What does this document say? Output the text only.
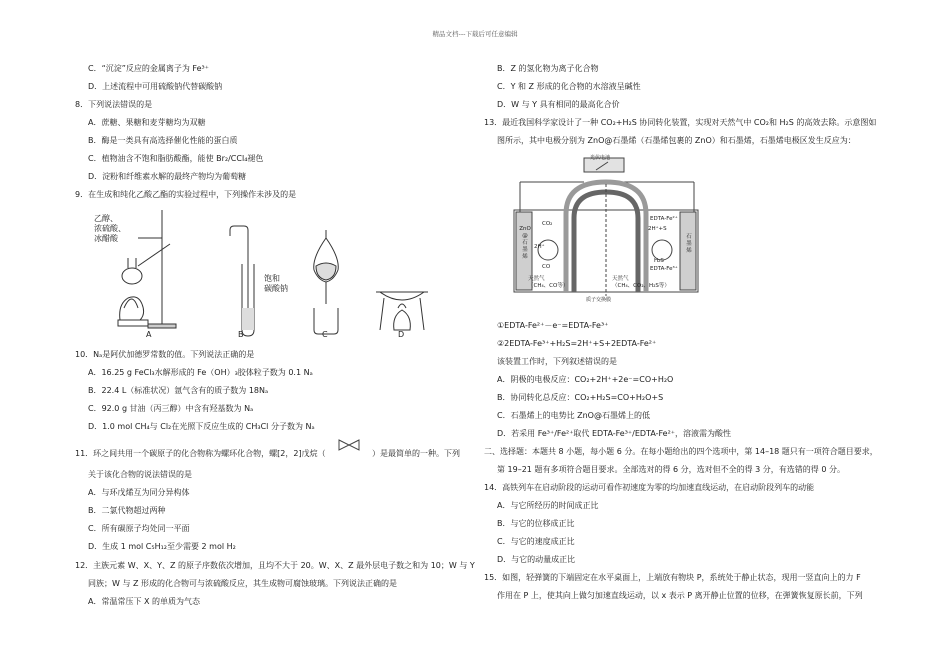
精品文档---下载后可任意编辑
C．“沉淀”反应的金属离子为 Fe³⁺
D．上述流程中可用硫酸钠代替碳酸钠
8．下列说法错误的是
A．蔗糖、果糖和麦芽糖均为双糖
B．酶是一类具有高选择催化性能的蛋白质
C．植物油含不饱和脂肪酸酯，能使 Br₂/CCl₄褪色
D．淀粉和纤维素水解的最终产物均为葡萄糖
9．在生成和纯化乙酸乙酯的实验过程中，下列操作未涉及的是
乙醇、
浓硫酸、
冰醋酸
饱和
碳酸钠
A	B	C	D
10．Nₐ是阿伏加德罗常数的值。下列说法正确的是
A．16.25 g FeCl₃水解形成的 Fe（OH）₃胶体粒子数为 0.1 Nₐ
B．22.4 L（标准状况）氩气含有的质子数为 18Nₐ
C．92.0 g 甘油（丙三醇）中含有羟基数为 Nₐ
D．1.0 mol CH₄与 Cl₂在光照下反应生成的 CH₃Cl 分子数为 Nₐ
11．环之间共用一个碳原子的化合物称为螺环化合物，螺[2，2]戊烷（	）是最简单的一种。下列
关于该化合物的说法错误的是
A．与环戊烯互为同分异构体
B．二氯代物超过两种
C．所有碳原子均处同一平面
D．生成 1 mol C₅H₁₂至少需要 2 mol H₂
12．主族元素 W、X、Y、Z 的原子序数依次增加，且均不大于 20。W、X、Z 最外层电子数之和为 10；W 与 Y
同族；W 与 Z 形成的化合物可与浓硫酸反应，其生成物可腐蚀玻璃。下列说法正确的是
A．常温常压下 X 的单质为气态
B．Z 的氢化物为离子化合物
C．Y 和 Z 形成的化合物的水溶液呈碱性
D．W 与 Y 具有相同的最高化合价
13．最近我国科学家设计了一种 CO₂+H₂S 协同转化装置，实现对天然气中 CO₂和 H₂S 的高效去除。示意图如
图所示，其中电极分别为 ZnO@石墨烯（石墨烯包裹的 ZnO）和石墨烯，石墨烯电极区发生反应为：
光伏电池
ZnO
@
石
墨
烯
石
墨
烯
CO₂
2H⁺
CO
EDTA-Fe²⁺
2H⁺+S
EDTA-Fe³⁺
H₂S
质子交换膜
天然气
（CH₄、CO等）
天然气
（CH₄、CO₂、H₂S等）
①EDTA-Fe²⁺－e⁻=EDTA-Fe³⁺
②2EDTA-Fe³⁺+H₂S=2H⁺+S+2EDTA-Fe²⁺
该装置工作时，下列叙述错误的是
A．阴极的电极反应：CO₂+2H⁺+2e⁻=CO+H₂O
B．协同转化总反应：CO₂+H₂S=CO+H₂O+S
C．石墨烯上的电势比 ZnO@石墨烯上的低
D．若采用 Fe³⁺/Fe²⁺取代 EDTA-Fe³⁺/EDTA-Fe²⁺，溶液需为酸性
二、选择题：本题共 8 小题，每小题 6 分。在每小题给出的四个选项中，第 14–18 题只有一项符合题目要求，
第 19–21 题有多项符合题目要求。全部选对的得 6 分，选对但不全的得 3 分，有选错的得 0 分。
14．高铁列车在启动阶段的运动可看作初速度为零的均加速直线运动，在启动阶段列车的动能
A．与它所经历的时间成正比
B．与它的位移成正比
C．与它的速度成正比
D．与它的动量成正比
15．如图，轻弹簧的下端固定在水平桌面上，上端放有物块 P，系统处于静止状态，现用一竖直向上的力 F
作用在 P 上，使其向上做匀加速直线运动，以 x 表示 P 离开静止位置的位移，在弹簧恢复原长前，下列
